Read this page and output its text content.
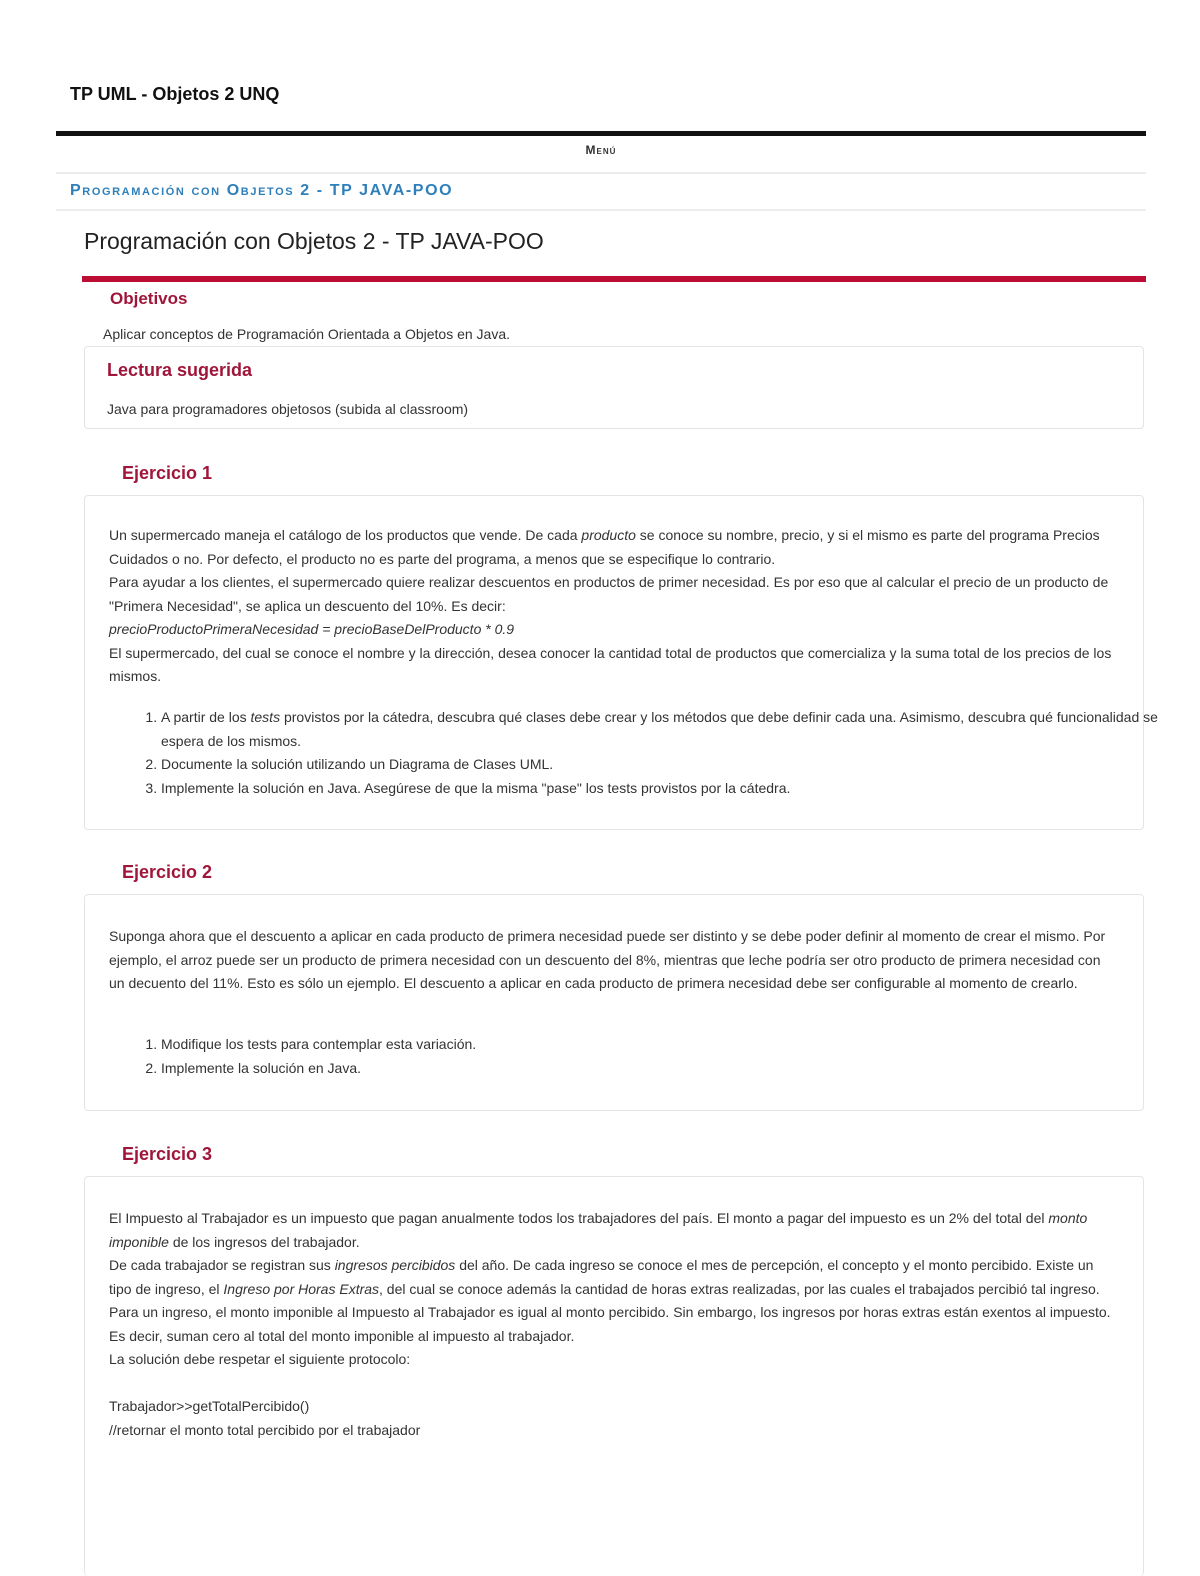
TP UML - Objetos 2 UNQ
Menú
Programación con Objetos 2 - TP JAVA-POO
Programación con Objetos 2 - TP JAVA-POO
Objetivos
Aplicar conceptos de Programación Orientada a Objetos en Java.
Lectura sugerida
Java para programadores objetosos (subida al classroom)
Ejercicio 1
Un supermercado maneja el catálogo de los productos que vende. De cada producto se conoce su nombre, precio, y si el mismo es parte del programa Precios Cuidados o no. Por defecto, el producto no es parte del programa, a menos que se especifique lo contrario.
Para ayudar a los clientes, el supermercado quiere realizar descuentos en productos de primer necesidad. Es por eso que al calcular el precio de un producto de "Primera Necesidad", se aplica un descuento del 10%. Es decir:
precioProductoPrimeraNecesidad = precioBaseDelProducto * 0.9
El supermercado, del cual se conoce el nombre y la dirección, desea conocer la cantidad total de productos que comercializa y la suma total de los precios de los mismos.
1. A partir de los tests provistos por la cátedra, descubra qué clases debe crear y los métodos que debe definir cada una. Asimismo, descubra qué funcionalidad se espera de los mismos.
2. Documente la solución utilizando un Diagrama de Clases UML.
3. Implemente la solución en Java. Asegúrese de que la misma "pase" los tests provistos por la cátedra.
Ejercicio 2
Suponga ahora que el descuento a aplicar en cada producto de primera necesidad puede ser distinto y se debe poder definir al momento de crear el mismo. Por ejemplo, el arroz puede ser un producto de primera necesidad con un descuento del 8%, mientras que leche podría ser otro producto de primera necesidad con un decuento del 11%. Esto es sólo un ejemplo. El descuento a aplicar en cada producto de primera necesidad debe ser configurable al momento de crearlo.
1. Modifique los tests para contemplar esta variación.
2. Implemente la solución en Java.
Ejercicio 3
El Impuesto al Trabajador es un impuesto que pagan anualmente todos los trabajadores del país. El monto a pagar del impuesto es un 2% del total del monto imponible de los ingresos del trabajador.
De cada trabajador se registran sus ingresos percibidos del año. De cada ingreso se conoce el mes de percepción, el concepto y el monto percibido. Existe un tipo de ingreso, el Ingreso por Horas Extras, del cual se conoce además la cantidad de horas extras realizadas, por las cuales el trabajados percibió tal ingreso.
Para un ingreso, el monto imponible al Impuesto al Trabajador es igual al monto percibido. Sin embargo, los ingresos por horas extras están exentos al impuesto. Es decir, suman cero al total del monto imponible al impuesto al trabajador.
La solución debe respetar el siguiente protocolo:

Trabajador>>getTotalPercibido()
//retornar el monto total percibido por el trabajador
